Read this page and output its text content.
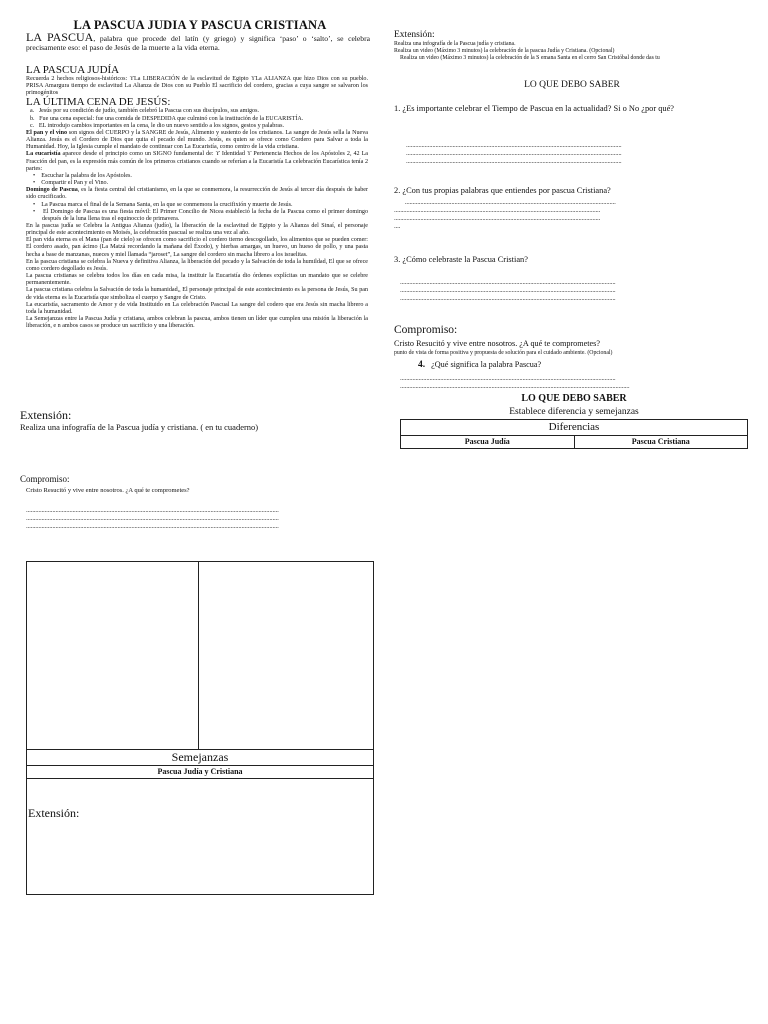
LA PASCUA JUDIA Y PASCUA CRISTIANA
LA PASCUA, palabra que procede del latín (y griego) y significa ‘paso’ o ‘salto’, se celebra precisamente eso: el paso de Jesús de la muerte a la vida eterna.
LA PASCUA JUDÍA
Recuerda 2 hechos religiosos-históricos: ϒLa LIBERACIÓN de la esclavitud de Egipto ϒLa ALIANZA que hizo Dios con su pueblo. PRISA Amargura tiempo de esclavitud La Alianza de Dios con su Pueblo El sacrificio del cordero, gracias a cuya sangre se salvaron los primogénitos
LA ÚLTIMA CENA DE JESÚS:

a. Jesús por su condición de judío, también celebró la Pascua con sus discípulos, sus amigos.

b. Fue una cena especial: fue una comida de DESPEDIDA que culminó con la institución de la EUCARISTÍA.

c. EL introdujo cambios importantes en la cena, le dio un nuevo sentido a los signos, gestos y palabras.

El pan y el vino son signos del CUERPO y la SANGRE de Jesús, Alimento y sustento de los cristianos. La sangre de Jesús sella la Nueva Alianza. Jesús es el Cordero de Dios que quita el pecado del mundo. Jesús, es quien se ofrece como Cordero para Salvar a toda la Humanidad. Hoy, la Iglesia cumple el mandato de continuar con La Eucaristía, como centro de la vida cristiana.
La eucaristía aparece desde el principio como un SIGNO fundamental de: ϒ Identidad ϒ Pertenencia Hechos de los Apóstoles 2, 42 La Fracción del pan, es la expresión más común de los primeros cristianos cuando se referían a la Eucaristía La celebración Eucarística tenía 2 partes:

•    Escuchar la palabra de los Apóstoles.

•    Compartir el Pan y el Vino.

Domingo de Pascua, es la fiesta central del cristianismo, en la que se conmemora, la resurrección de Jesús al tercer día después de haber sido crucificado.

•    La Pascua marca el final de la Semana Santa, en la que se conmemora la crucifixión y muerte de Jesús.

•    El Domingo de Pascua es una fiesta móvil: El Primer Concilio de Nicea estableció la fecha de la Pascua como el primer domingo después de la luna llena tras el equinoccio de primavera.

En la pascua judía se Celebra la Antigua Alianza (judío), la liberación de la esclavitud de Egipto y la Alianza del Sinaí, el personaje principal de este acontecimiento es Moisés, la celebración pascual se realiza una vez al año.
El pan vida eterna es el Mana (pan de cielo) se ofrecen como sacrificio el cordero tierno descogollado, los alimentos que se pueden comer: El cordero asado, pan ácimo (La Matzá recordando la mañana del Éxodo), y hierbas amargas, un huevo, un hueso de pollo, y una pasta hecha a base de manzanas, nueces y miel llamada “jaroset”, La sangre del cordero sin macha librero a los israelitas.
En la pascua cristiana se celebra la Nueva y definitiva Alianza, la liberación del pecado y la Salvación de toda la humildad, El que se ofrece como cordero degollado es Jesús.
La pascua cristianas se celebra todos los días en cada misa, la instituir la Eucaristía dio órdenes explícitas un mandato que se celebre permanentemente.
La pascua cristiana celebra la Salvación de toda la humanidad,, El personaje principal de este acontecimiento es la persona de Jesús, Su pan de vida eterna es la Eucaristía que simboliza el cuerpo y Sangre de Cristo.
La eucaristía, sacramento de Amor y de vida Instituido en La celebración Pascual La sangre del codero que era Jesús sin macha librero a toda la humanidad.
La Semejanzas entre la Pascua Judía y cristiana, ambos celebran la pascua, ambos tienen un líder que cumplen una misión la liberación la liberación, e n ambos casos se produce un sacrificio y una liberación.
Extensión:
Realiza una infografía de la Pascua judía y cristiana. ( en tu cuaderno)
Compromiso:
Cristo Resucitó y vive entre nosotros. ¿A qué te comprometes?
...................................................................................................................................................................
...................................................................................................................................................................
...................................................................................................................................................................
Semejanzas
Pascua Judía y Cristiana
Extensión:
Extensión:
Realiza una infografía de la Pascua judía y cristiana.
Realiza un video (Máximo 3 minutos) la celebración de la pascua Judía y Cristiana. (Opcional)
Realiza un video (Máximo 3 minutos) la celebración de la S emana Santa en el cerro San Cristóbal donde das tu
LO QUE DEBO SABER
1. ¿Es importante celebrar el Tiempo de Pascua en la actualidad? Si o No ¿por qué?
...........................................................................................................................................
...........................................................................................................................................
...........................................................................................................................................
2. ¿Con tus propias palabras que entiendes por pascua Cristiana?
........................................................................................................................................
.....................................................................................................................................
.....................................................................................................................................
....
3. ¿Cómo celebraste la Pascua Cristian?
...........................................................................................................................................
...........................................................................................................................................
...........................................................................................................................................
Compromiso:
Cristo Resucitó y vive entre nosotros. ¿A qué te comprometes?
punto de vista de forma positiva y propuesta de solución para el cuidado ambiente. (Opcional)
4. ¿Qué significa la palabra Pascua?
...........................................................................................................................................
....................................................................................................................................................
LO QUE DEBO SABER
Establece diferencia y semejanzas
Diferencias
Pascua Judía	Pascua Cristiana
